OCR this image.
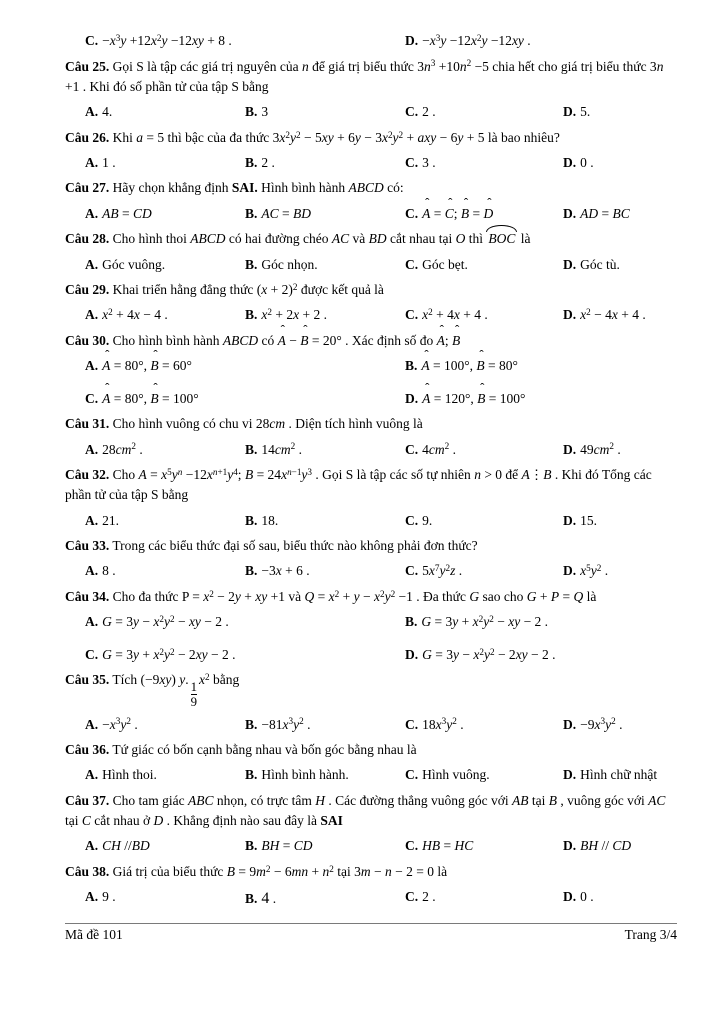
C. $-x^3y +12x^2y -12xy + 8$ .	D. $-x^3y -12x^2y -12xy$ .
Câu 25. Gọi S là tập các giá trị nguyên của n để giá trị biểu thức $3n^3 +10n^2 -5$ chia hết cho giá trị biểu thức 3n +1 . Khi đó số phần tử của tập S bằng
A. 4.	B. 3	C. 2 .	D. 5.
Câu 26. Khi a = 5 thì bậc của đa thức $3x^2y^2 - 5xy + 6y - 3x^2y^2$ + axy − 6y + 5 là bao nhiêu?
A. 1 .	B. 2 .	C. 3 .	D. 0 .
Câu 27. Hãy chọn khẳng định SAI. Hình bình hành ABCD có:
A. AB = CD	B. AC = BD	C. ˆ A = ˆ C; ˆ B = ˆ D	D. AD = BC
Câu 28. Cho hình thoi ABCD có hai đường chéo AC và BD cắt nhau tại O thì BOC là
A. Góc vuông.	B. Góc nhọn.	C. Góc bẹt.	D. Góc tù.
Câu 29. Khai triển hằng đẳng thức $(x + 2)^2$ được kết quả là
A. $x^2 + 4x - 4$ .	B. $x^2 + 2x + 2$ .	C. $x^2 + 4x + 4$ .	D. $x^2 - 4x + 4$ .
Câu 30. Cho hình bình hành ABCD có ˆ A − ˆ B = 20° . Xác định số đo ˆ A; ˆ B
A. ˆ A = 80°, ˆ B = 60°	B. ˆ A = 100°, ˆ B = 80°
C. ˆ A = 80°, ˆ B = 100°	D. ˆ A = 120°, ˆ B = 100°
Câu 31. Cho hình vuông có chu vi 28cm . Diện tích hình vuông là
A. $28cm^2$ .	B. $14cm^2$ .	C. $4cm^2$ .	D. $49cm^2$ .
Câu 32. Cho $A = x^5y^n -12x^{n+1}y^4$; $B = 24x^{n-1}y^3$ . Gọi S là tập các số tự nhiên n > 0 để A⋮B . Khi đó Tổng các phần tử của tập S bằng
A. 21.	B. 18.	C. 9.	D. 15.
Câu 33. Trong các biểu thức đại số sau, biểu thức nào không phải đơn thức?
A. 8 .	B. −3x + 6 .	C. $5x^7y^2z$ .	D. $x^5y^2$ .
Câu 34. Cho đa thức $P = x^2 - 2y$ + xy +1 và $Q = x^2 + y - x^2y^2 -1$ . Đa thức G sao cho G + P = Q là
A. $G = 3y - x^2y^2$ − xy − 2 .	B. $G = 3y + x^2y^2$ − xy − 2 .
C. $G = 3y + x^2y^2 - 2xy - 2$ .	D. $G = 3y - x^2y^2 - 2xy - 2$ .
Câu 35. Tích (−9xy) y.
$\frac{1}{9}$
$x^2$ bằng
A. $-x^3y^2$ .	B. $-81x^3y^2$ .	C. $18x^3y^2$ .	D. $-9x^3y^2$ .
Câu 36. Tứ giác có bốn cạnh bằng nhau và bốn góc bằng nhau là
A. Hình thoi.	B. Hình bình hành.	C. Hình vuông.	D. Hình chữ nhật
Câu 37. Cho tam giác ABC nhọn, có trực tâm H . Các đường thẳng vuông góc với AB tại B , vuông góc với AC tại C cắt nhau ở D . Khẳng định nào sau đây là SAI
A. CH //BD	B. BH = CD	C. HB = HC	D. BH // CD
Câu 38. Giá trị của biểu thức $B = 9m^2 - 6mn + n^2$ tại 3m − n − 2 = 0 là
A. 9 .	B. 4 .	C. 2 .	D. 0 .
Mã đề 101	Trang 3/4
